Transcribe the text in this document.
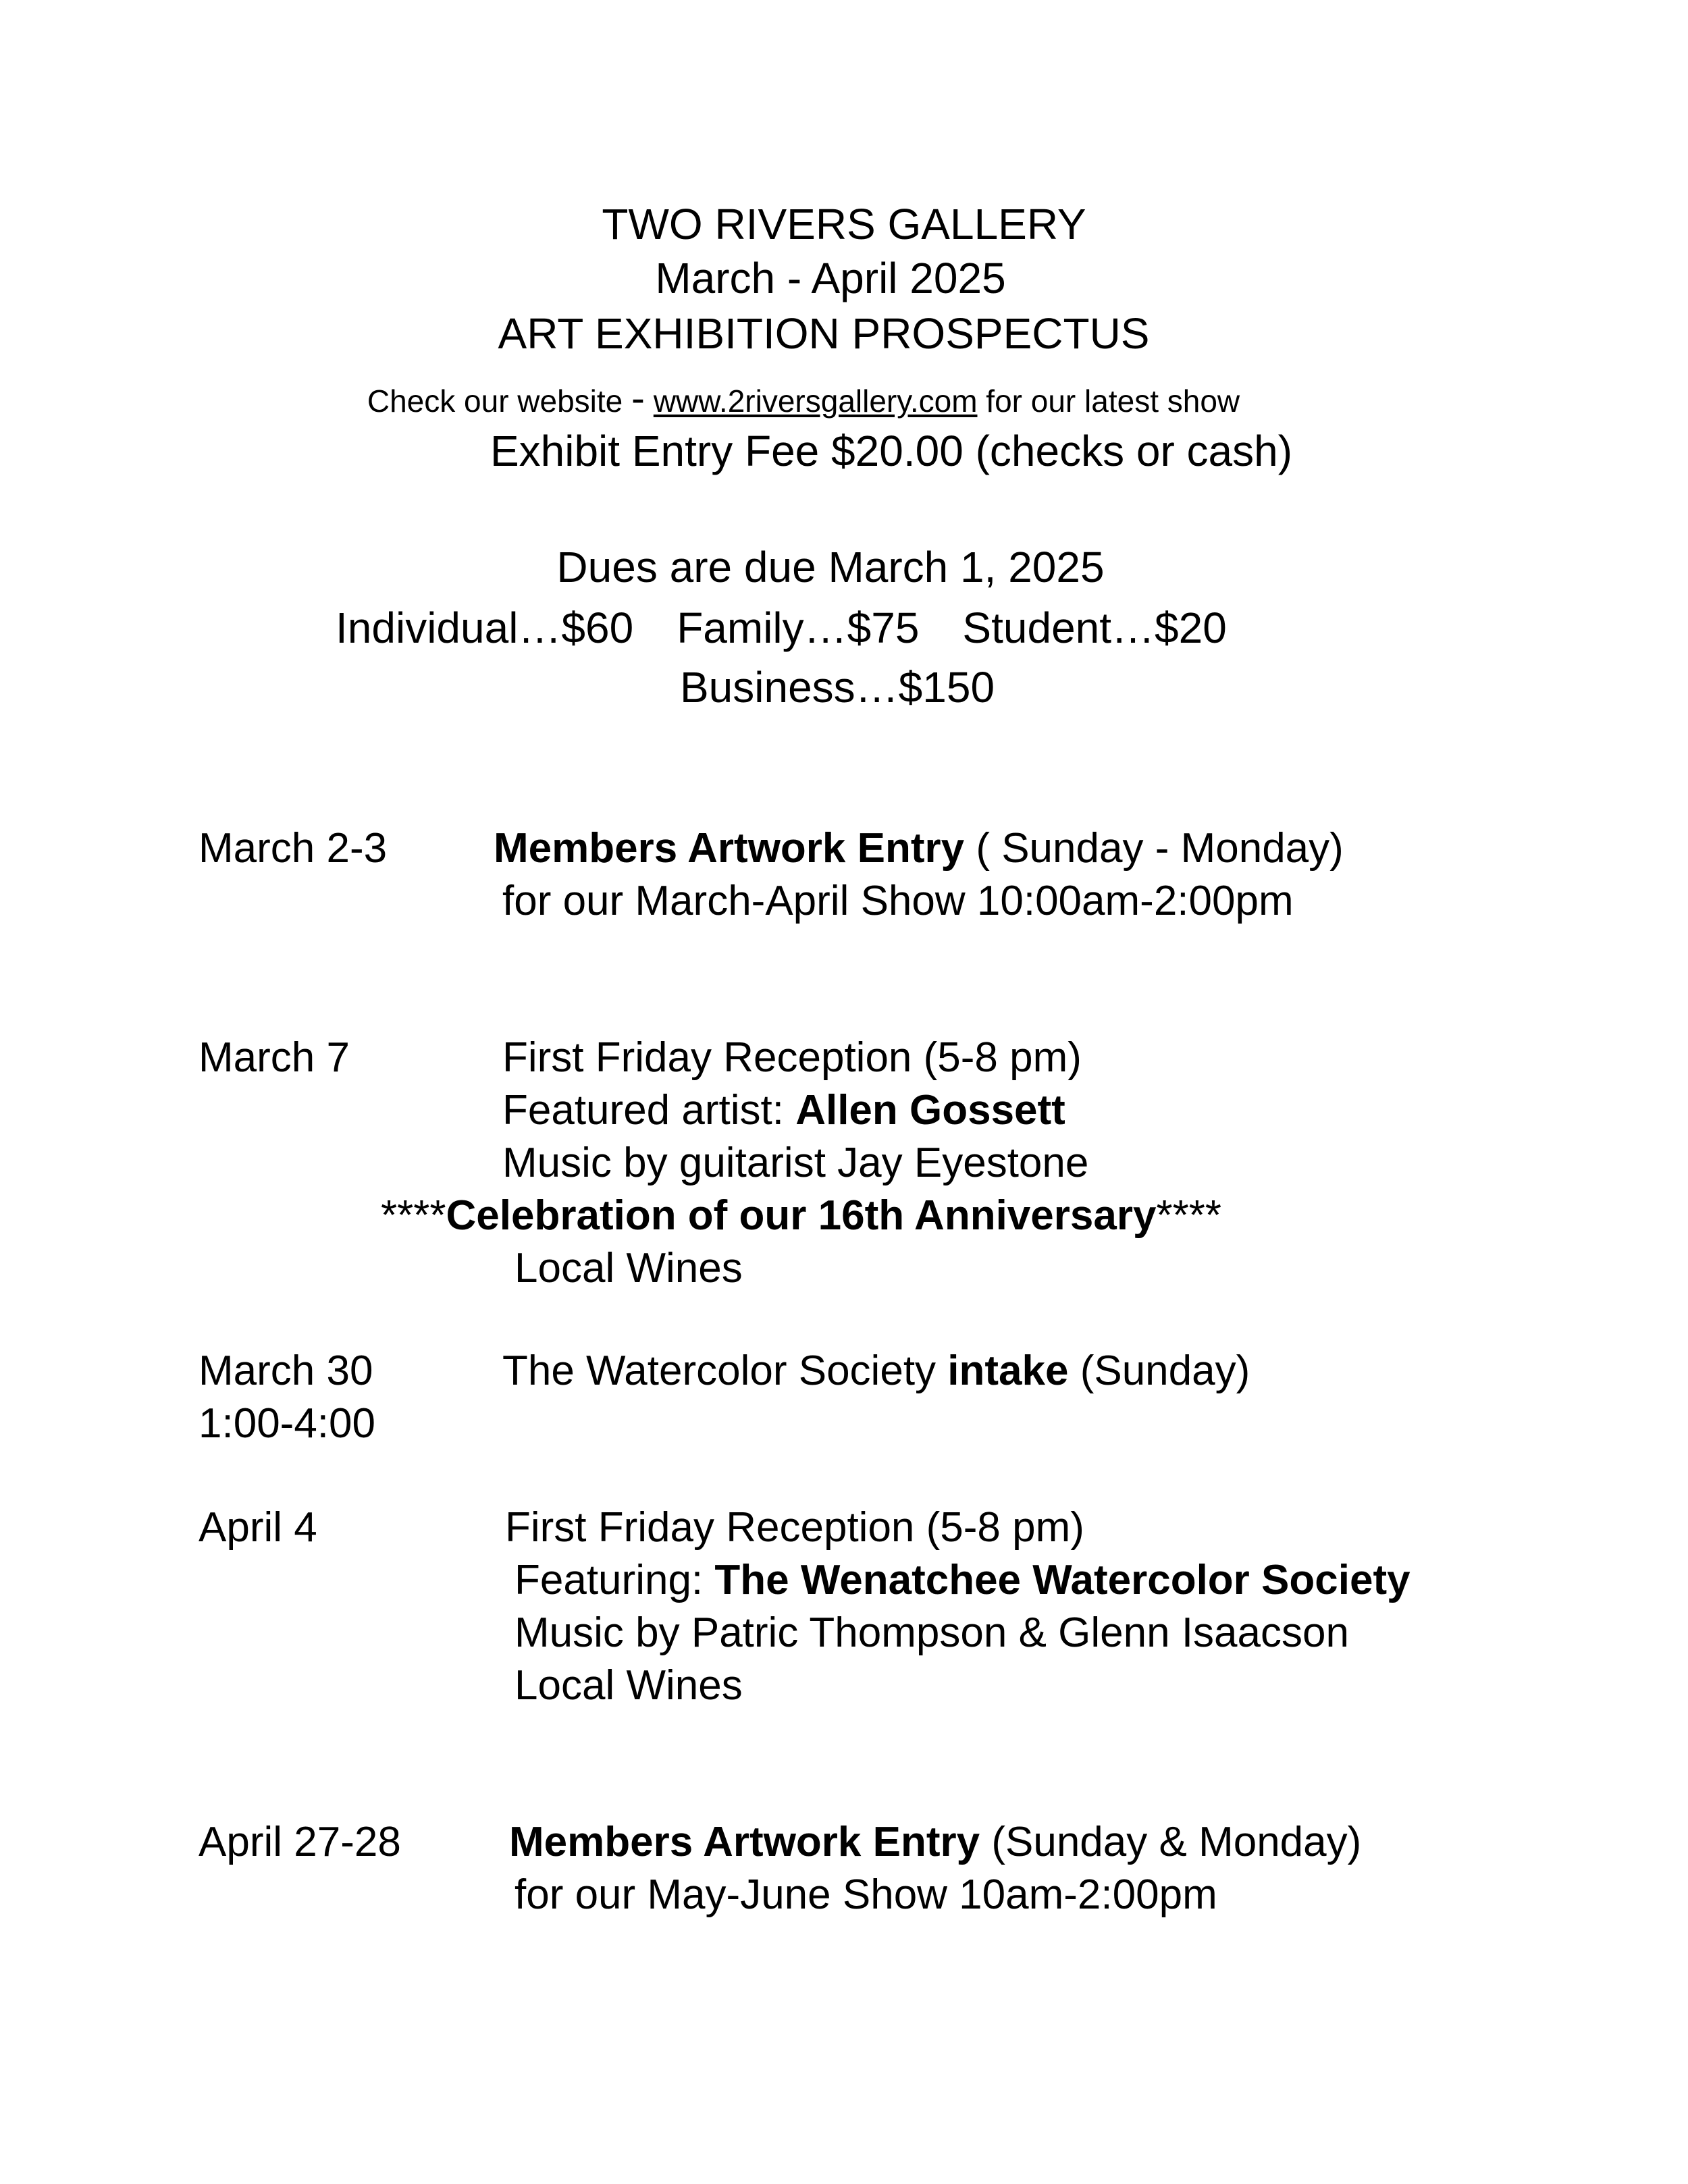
TWO RIVERS GALLERY
March - April 2025
ART EXHIBITION PROSPECTUS
Check our website - www.2riversgallery.com for our latest show
Exhibit Entry Fee $20.00 (checks or cash)
Dues are due March 1, 2025
Individual…$60 Family…$75 Student…$20
Business…$150
March 2-3	Members Artwork Entry ( Sunday - Monday)
for our March-April Show 10:00am-2:00pm
March 7	First Friday Reception (5-8 pm)
Featured artist: Allen Gossett
Music by guitarist Jay Eyestone
****Celebration of our 16th Anniversary****
Local Wines
March 30	The Watercolor Society intake (Sunday)
1:00-4:00
April 4	First Friday Reception (5-8 pm)
Featuring: The Wenatchee Watercolor Society
Music by Patric Thompson & Glenn Isaacson
Local Wines
April 27-28	Members Artwork Entry (Sunday & Monday)
for our May-June Show 10am-2:00pm
